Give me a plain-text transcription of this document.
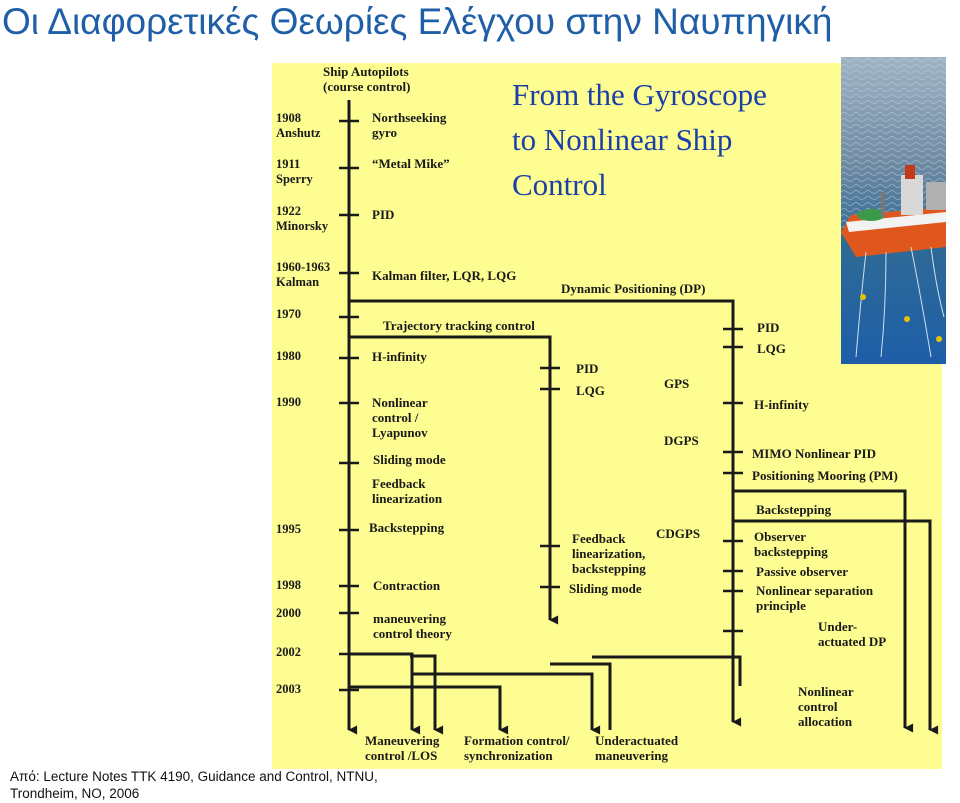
Οι Διαφορετικές Θεωρίες Ελέγχου στην Ναυπηγική
From the Gyroscope
to Nonlinear Ship
Control
Ship Autopilots
(course control)
1908
Anshutz
1911
Sperry
1922
Minorsky
1960-1963
Kalman
1970
1980
1990
1995
1998
2000
2002
2003
Northseeking
gyro
“Metal Mike”
PID
Kalman filter, LQR, LQG
H-infinity
Nonlinear
control /
Lyapunov
Sliding mode
Feedback
linearization
Backstepping
Contraction
maneuvering
control theory
Trajectory tracking control
PID
LQG
Feedback
linearization,
backstepping
Sliding mode
GPS
DGPS
CDGPS
Dynamic Positioning (DP)
PID
LQG
H-infinity
MIMO Nonlinear PID
Positioning Mooring (PM)
Backstepping
Observer
backstepping
Passive observer
Nonlinear separation
principle
Under-
actuated DP
Nonlinear
control
allocation
Maneuvering
control /LOS
Formation control/
synchronization
Underactuated
maneuvering
Από: Lecture Notes TTK 4190, Guidance and Control, NTNU,
Trondheim, NO, 2006
